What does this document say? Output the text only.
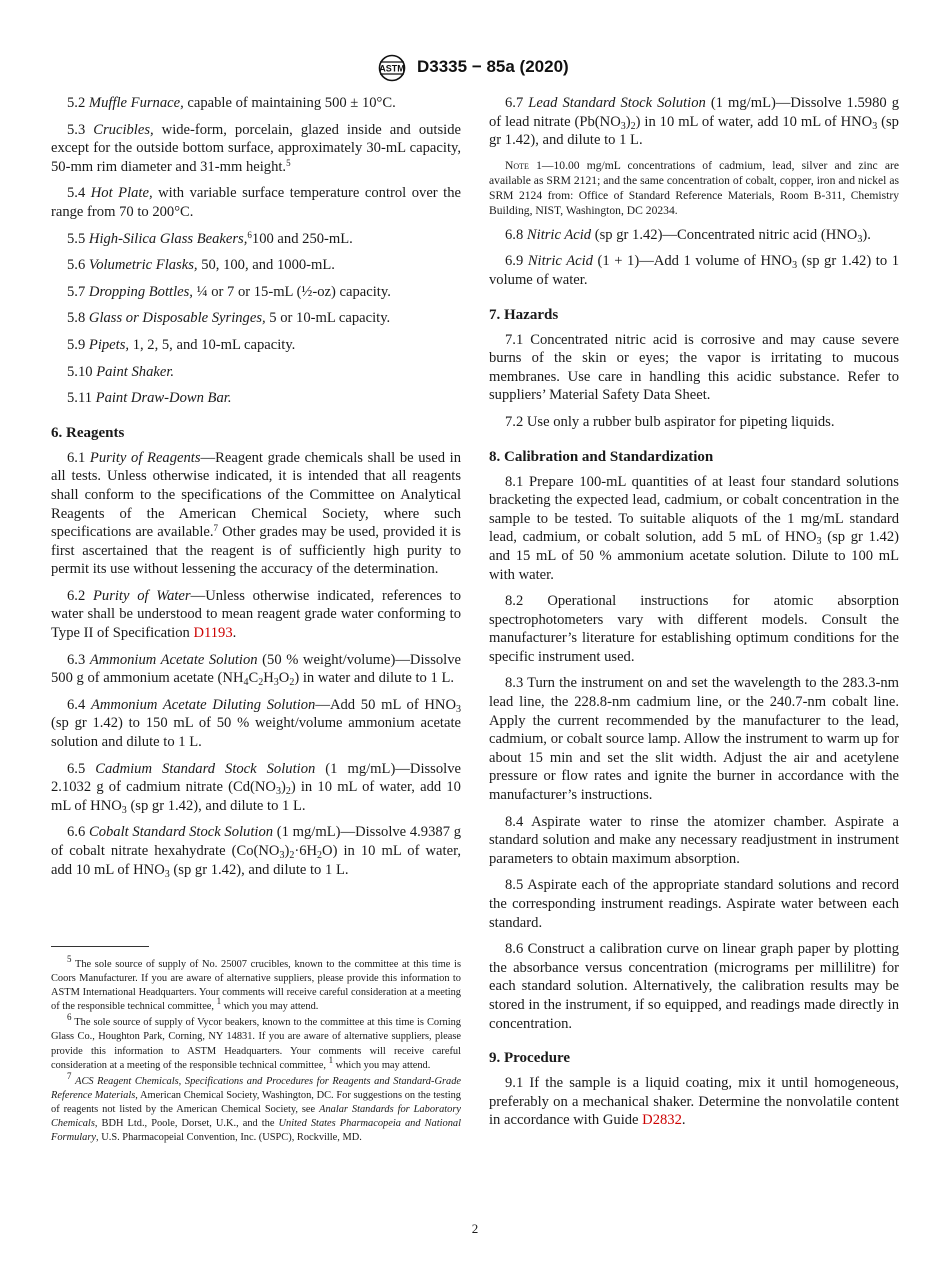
ASTM D3335 − 85a (2020)

5.2 Muffle Furnace, capable of maintaining 500 ± 10°C.

5.3 Crucibles, wide-form, porcelain, glazed inside and outside except for the outside bottom surface, approximately 30-mL capacity, 50-mm rim diameter and 31-mm height.$^5$

5.4 Hot Plate, with variable surface temperature control over the range from 70 to 200°C.

5.5 High-Silica Glass Beakers,$^6$100 and 250-mL.

5.6 Volumetric Flasks, 50, 100, and 1000-mL.

5.7 Dropping Bottles, ¼ or 7 or 15-mL (½-oz) capacity.

5.8 Glass or Disposable Syringes, 5 or 10-mL capacity.

5.9 Pipets, 1, 2, 5, and 10-mL capacity.

5.10 Paint Shaker.

5.11 Paint Draw-Down Bar.

6. Reagents

6.1 Purity of Reagents—Reagent grade chemicals shall be used in all tests. Unless otherwise indicated, it is intended that all reagents shall conform to the specifications of the Committee on Analytical Reagents of the American Chemical Society, where such specifications are available.$^7$ Other grades may be used, provided it is first ascertained that the reagent is of sufficiently high purity to permit its use without lessening the accuracy of the determination.

6.2 Purity of Water—Unless otherwise indicated, references to water shall be understood to mean reagent grade water conforming to Type II of Specification D1193.

6.3 Ammonium Acetate Solution (50 % weight/volume)—Dissolve 500 g of ammonium acetate $(NH_4C_2H_3O_2)$ in water and dilute to 1 L.

6.4 Ammonium Acetate Diluting Solution—Add 50 mL of $HNO_3$ (sp gr 1.42) to 150 mL of 50 % weight/volume ammonium acetate solution and dilute to 1 L.

6.5 Cadmium Standard Stock Solution (1 mg/mL)—Dissolve 2.1032 g of cadmium nitrate $(Cd(NO_3)_2)$ in 10 mL of water, add 10 mL of $HNO_3$ (sp gr 1.42), and dilute to 1 L.

6.6 Cobalt Standard Stock Solution (1 mg/mL)—Dissolve 4.9387 g of cobalt nitrate hexahydrate $(Co(NO_3)_2\cdot 6H_2O)$ in 10 mL of water, add 10 mL of $HNO_3$ (sp gr 1.42), and dilute to 1 L.

6.7 Lead Standard Stock Solution (1 mg/mL)—Dissolve 1.5980 g of lead nitrate $(Pb(NO_3)_2)$ in 10 mL of water, add 10 mL of $HNO_3$ (sp gr 1.42), and dilute to 1 L.

Note 1—10.00 mg/mL concentrations of cadmium, lead, silver and zinc are available as SRM 2121; and the same concentration of cobalt, copper, iron and nickel as SRM 2124 from: Office of Standard Reference Materials, Room B-311, Chemistry Building, NIST, Washington, DC 20234.

6.8 Nitric Acid (sp gr 1.42)—Concentrated nitric acid $(HNO_3)$.

6.9 Nitric Acid (1 + 1)—Add 1 volume of $HNO_3$ (sp gr 1.42) to 1 volume of water.

7. Hazards

7.1 Concentrated nitric acid is corrosive and may cause severe burns of the skin or eyes; the vapor is irritating to mucous membranes. Use care in handling this acidic substance. Refer to suppliers’ Material Safety Data Sheet.

7.2 Use only a rubber bulb aspirator for pipeting liquids.

8. Calibration and Standardization

8.1 Prepare 100-mL quantities of at least four standard solutions bracketing the expected lead, cadmium, or cobalt concentration in the sample to be tested. To suitable aliquots of the 1 mg/mL standard lead, cadmium, or cobalt solution, add 5 mL of $HNO_3$ (sp gr 1.42) and 15 mL of 50 % ammonium acetate solution. Dilute to 100 mL with water.

8.2 Operational instructions for atomic absorption spectrophotometers vary with different models. Consult the manufacturer’s literature for establishing optimum conditions for the specific instrument used.

8.3 Turn the instrument on and set the wavelength to the 283.3-nm lead line, the 228.8-nm cadmium line, or the 240.7-nm cobalt line. Apply the current recommended by the manufacturer to the lead, cadmium, or cobalt source lamp. Allow the instrument to warm up for about 15 min and set the slit width. Adjust the air and acetylene pressure or flow rates and ignite the burner in accordance with the manufacturer’s instructions.

8.4 Aspirate water to rinse the atomizer chamber. Aspirate a standard solution and make any necessary readjustment in instrument parameters to obtain maximum absorption.

8.5 Aspirate each of the appropriate standard solutions and record the corresponding instrument readings. Aspirate water between each standard.

8.6 Construct a calibration curve on linear graph paper by plotting the absorbance versus concentration (micrograms per millilitre) for each standard solution. Alternatively, the calibration results may be stored in the instrument, if so equipped, and readings made directly in concentration.

9. Procedure

9.1 If the sample is a liquid coating, mix it until homogeneous, preferably on a mechanical shaker. Determine the nonvolatile content in accordance with Guide D2832.

$^5$ The sole source of supply of No. 25007 crucibles, known to the committee at this time is Coors Manufacturer. If you are aware of alternative suppliers, please provide this information to ASTM International Headquarters. Your comments will receive careful consideration at a meeting of the responsible technical committee, $^1$ which you may attend.

$^6$ The sole source of supply of Vycor beakers, known to the committee at this time is Corning Glass Co., Houghton Park, Corning, NY 14831. If you are aware of alternative suppliers, please provide this information to ASTM Headquarters. Your comments will receive careful consideration at a meeting of the responsible technical committee, $^1$ which you may attend.

$^7$ ACS Reagent Chemicals, Specifications and Procedures for Reagents and Standard-Grade Reference Materials, American Chemical Society, Washington, DC. For suggestions on the testing of reagents not listed by the American Chemical Society, see Analar Standards for Laboratory Chemicals, BDH Ltd., Poole, Dorset, U.K., and the United States Pharmacopeia and National Formulary, U.S. Pharmacopeial Convention, Inc. (USPC), Rockville, MD.

2
